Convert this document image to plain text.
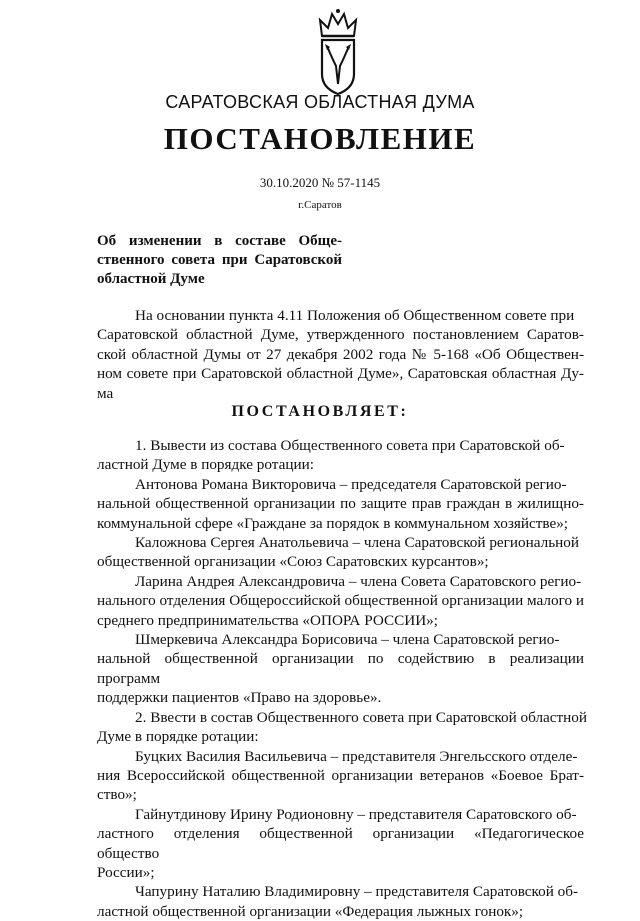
САРАТОВСКАЯ ОБЛАСТНАЯ ДУМА
ПОСТАНОВЛЕНИЕ
30.10.2020 № 57-1145
г.Саратов
Об изменении в составе Обще-
ственного совета при Саратовской
областной Думе
На основании пункта 4.11 Положения об Общественном совете при
Саратовской областной Думе, утвержденного постановлением Саратов-
ской областной Думы от 27 декабря 2002 года № 5-168 «Об Обществен-
ном совете при Саратовской областной Думе», Саратовская областная Ду-
ма
ПОСТАНОВЛЯЕТ:
1. Вывести из состава Общественного совета при Саратовской об-
ластной Думе в порядке ротации:
Антонова Романа Викторовича – председателя Саратовской регио-
нальной общественной организации по защите прав граждан в жилищно-
коммунальной сфере «Граждане за порядок в коммунальном хозяйстве»;
Каложнова Сергея Анатольевича – члена Саратовской региональной
общественной организации «Союз Саратовских курсантов»;
Ларина Андрея Александровича – члена Совета Саратовского регио-
нального отделения Общероссийской общественной организации малого и
среднего предпринимательства «ОПОРА РОССИИ»;
Шмеркевича Александра Борисовича – члена Саратовской регио-
нальной общественной организации по содействию в реализации программ
поддержки пациентов «Право на здоровье».
2. Ввести в состав Общественного совета при Саратовской областной
Думе в порядке ротации:
Буцких Василия Васильевича – представителя Энгельсского отделе-
ния Всероссийской общественной организации ветеранов «Боевое Брат-
ство»;
Гайнутдинову Ирину Родионовну – представителя Саратовского об-
ластного отделения общественной организации «Педагогическое общество
России»;
Чапурину Наталию Владимировну – представителя Саратовской об-
ластной общественной организации «Федерация лыжных гонок»;
